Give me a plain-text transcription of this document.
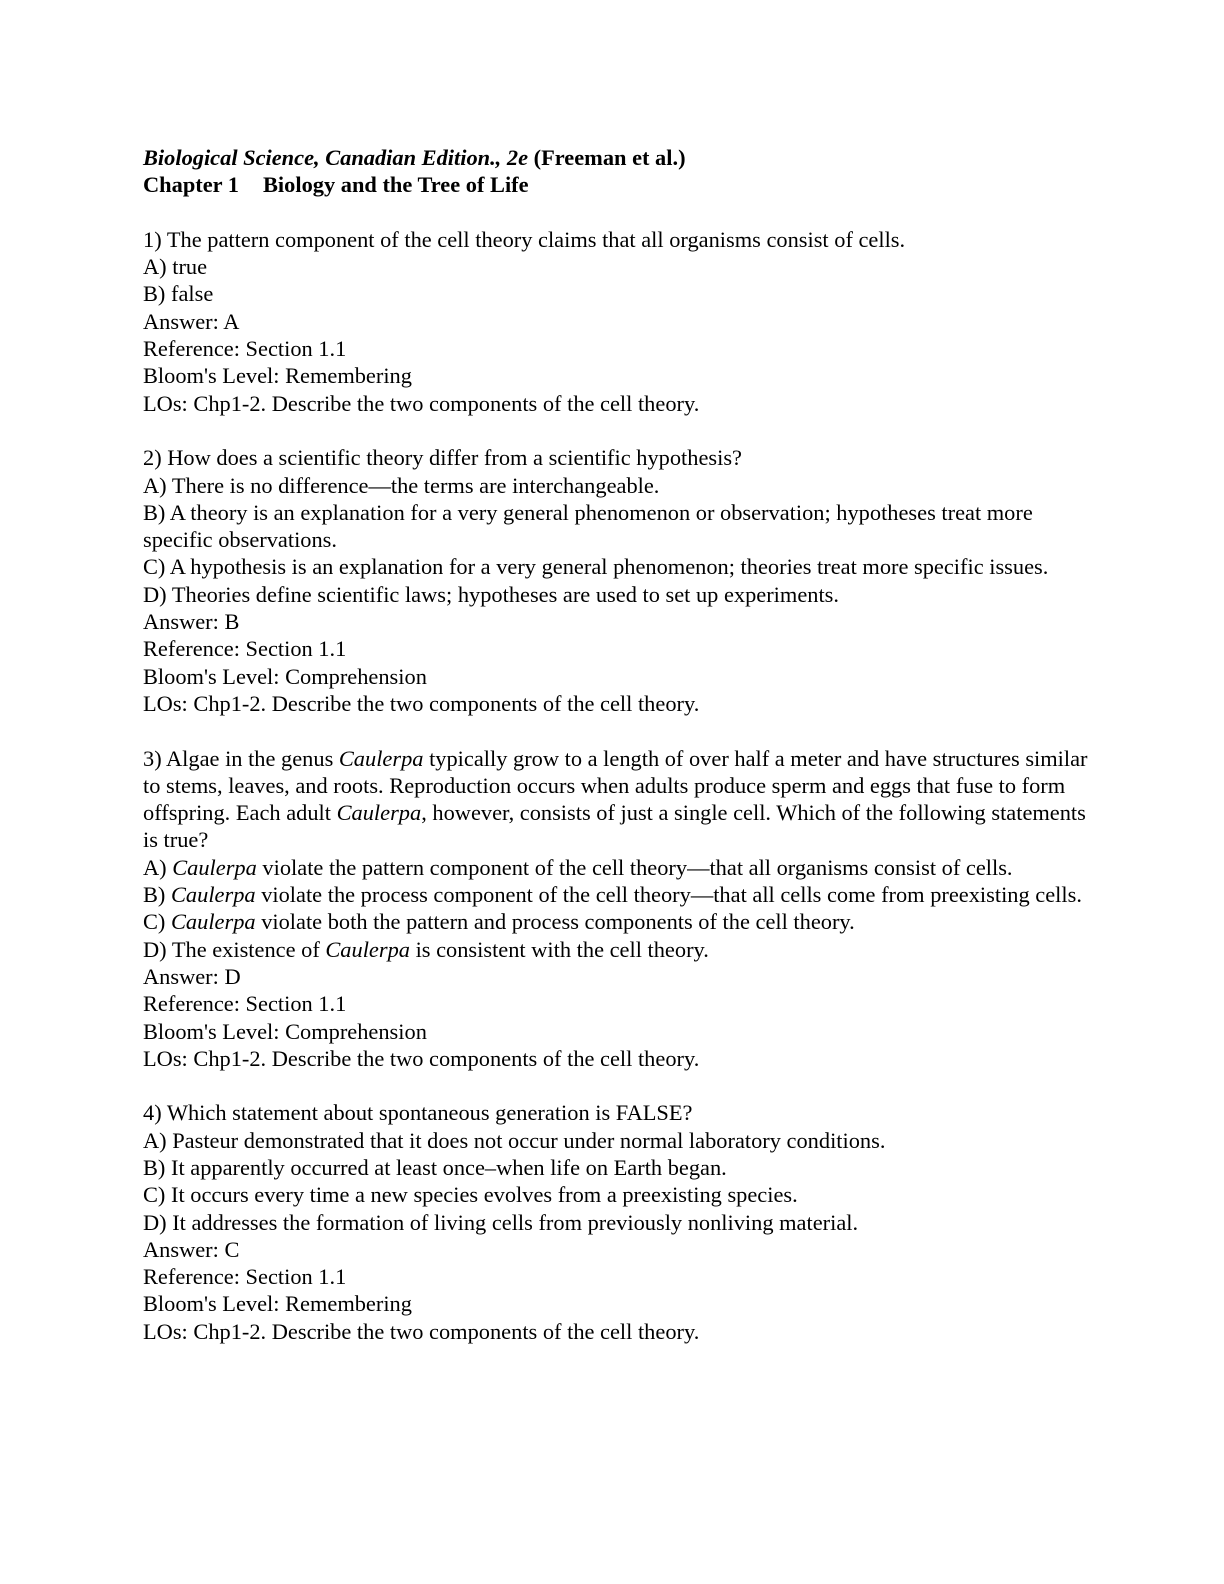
Biological Science, Canadian Edition., 2e (Freeman et al.)
Chapter 1 Biology and the Tree of Life
1) The pattern component of the cell theory claims that all organisms consist of cells.
A) true
B) false
Answer: A
Reference: Section 1.1
Bloom's Level: Remembering
LOs: Chp1-2. Describe the two components of the cell theory.
2) How does a scientific theory differ from a scientific hypothesis?
A) There is no difference—the terms are interchangeable.
B) A theory is an explanation for a very general phenomenon or observation; hypotheses treat more specific observations.
C) A hypothesis is an explanation for a very general phenomenon; theories treat more specific issues.
D) Theories define scientific laws; hypotheses are used to set up experiments.
Answer: B
Reference: Section 1.1
Bloom's Level: Comprehension
LOs: Chp1-2. Describe the two components of the cell theory.
3) Algae in the genus Caulerpa typically grow to a length of over half a meter and have structures similar to stems, leaves, and roots. Reproduction occurs when adults produce sperm and eggs that fuse to form offspring. Each adult Caulerpa, however, consists of just a single cell. Which of the following statements is true?
A) Caulerpa violate the pattern component of the cell theory—that all organisms consist of cells.
B) Caulerpa violate the process component of the cell theory—that all cells come from preexisting cells.
C) Caulerpa violate both the pattern and process components of the cell theory.
D) The existence of Caulerpa is consistent with the cell theory.
Answer: D
Reference: Section 1.1
Bloom's Level: Comprehension
LOs: Chp1-2. Describe the two components of the cell theory.
4) Which statement about spontaneous generation is FALSE?
A) Pasteur demonstrated that it does not occur under normal laboratory conditions.
B) It apparently occurred at least once–when life on Earth began.
C) It occurs every time a new species evolves from a preexisting species.
D) It addresses the formation of living cells from previously nonliving material.
Answer: C
Reference: Section 1.1
Bloom's Level: Remembering
LOs: Chp1-2. Describe the two components of the cell theory.
